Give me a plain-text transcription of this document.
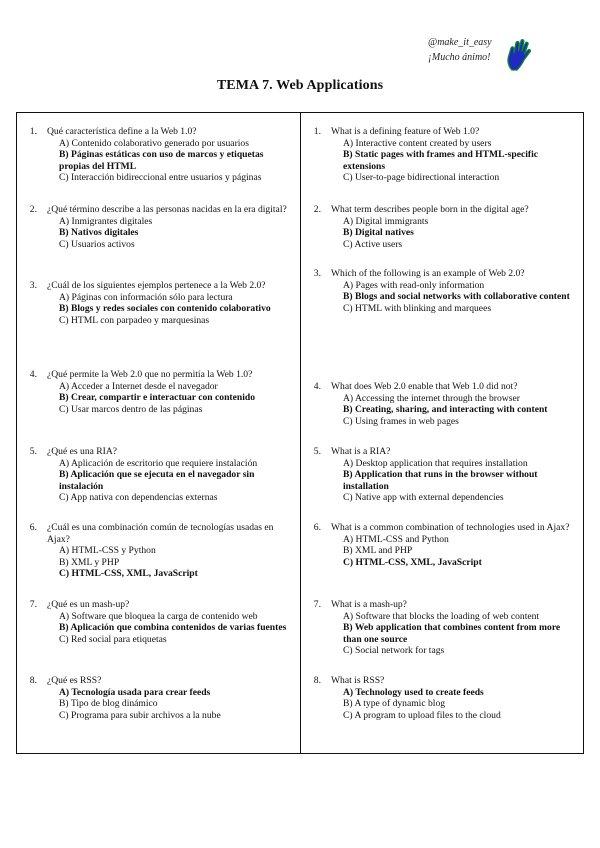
@make_it_easy
¡Mucho ánimo!
TEMA 7. Web Applications
1.	Qué característica define a la Web 1.0?
A) Contenido colaborativo generado por usuarios
B) Páginas estáticas con uso de marcos y etiquetas propias del HTML
C) Interacción bidireccional entre usuarios y páginas
2.	¿Qué término describe a las personas nacidas en la era digital?
A) Inmigrantes digitales
B) Nativos digitales
C) Usuarios activos
3.	¿Cuál de los siguientes ejemplos pertenece a la Web 2.0?
A) Páginas con información sólo para lectura
B) Blogs y redes sociales con contenido colaborativo
C) HTML con parpadeo y marquesinas
4.	¿Qué permite la Web 2.0 que no permitía la Web 1.0?
A) Acceder a Internet desde el navegador
B) Crear, compartir e interactuar con contenido
C) Usar marcos dentro de las páginas
5.	¿Qué es una RIA?
A) Aplicación de escritorio que requiere instalación
B) Aplicación que se ejecuta en el navegador sin instalación
C) App nativa con dependencias externas
6.	¿Cuál es una combinación común de tecnologías usadas en Ajax?
A) HTML-CSS y Python
B) XML y PHP
C) HTML-CSS, XML, JavaScript
7.	¿Qué es un mash-up?
A) Software que bloquea la carga de contenido web
B) Aplicación que combina contenidos de varias fuentes
C) Red social para etiquetas
8.	¿Qué es RSS?
A) Tecnología usada para crear feeds
B) Tipo de blog dinámico
C) Programa para subir archivos a la nube
1.	What is a defining feature of Web 1.0?
A) Interactive content created by users
B) Static pages with frames and HTML-specific extensions
C) User-to-page bidirectional interaction
2.	What term describes people born in the digital age?
A) Digital immigrants
B) Digital natives
C) Active users
3.	Which of the following is an example of Web 2.0?
A) Pages with read-only information
B) Blogs and social networks with collaborative content
C) HTML with blinking and marquees
4.	What does Web 2.0 enable that Web 1.0 did not?
A) Accessing the internet through the browser
B) Creating, sharing, and interacting with content
C) Using frames in web pages
5.	What is a RIA?
A) Desktop application that requires installation
B) Application that runs in the browser without installation
C) Native app with external dependencies
6.	What is a common combination of technologies used in Ajax?
A) HTML-CSS and Python
B) XML and PHP
C) HTML-CSS, XML, JavaScript
7.	What is a mash-up?
A) Software that blocks the loading of web content
B) Web application that combines content from more than one source
C) Social network for tags
8.	What is RSS?
A) Technology used to create feeds
B) A type of dynamic blog
C) A program to upload files to the cloud
